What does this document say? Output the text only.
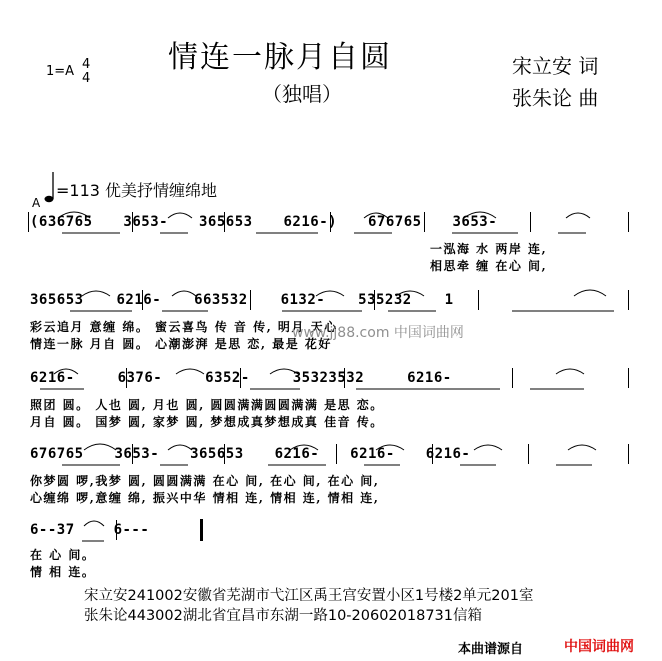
情连一脉月自圆
（独唱）
1=A 4
4
宋立安 词
张朱论 曲
=113 优美抒情缠绵地
A
(636765 3653- 365653 6216-) 676765 3653-
一泓海 水 两岸 连,
相思牵 缠 在心 间,
365653 6216- 663532 6132- 535232 1
彩云追月 意缠 绵。 蜜云喜鸟 传 音 传, 明月 天心
情连一脉 月自 圆。 心潮澎湃 是思 恋, 最是 花好
6216- 6376- 6352- 35323532 6216-
照团 圆。 人也 圆, 月也 圆, 圆圆满满圆圆满满 是思 恋。
月自 圆。 国梦 圆, 家梦 圆, 梦想成真梦想成真 佳音 传。
676765 3653- 365653 6216- 6216- 6216-
你梦圆 啰,我梦 圆, 圆圆满满 在心 间, 在心 间, 在心 间,
心缠绵 啰,意缠 绵, 振兴中华 情相 连, 情相 连, 情相 连,
6--37 6---
在 心 间。
情 相 连。
www.jj88.com 中国词曲网
宋立安241002安徽省芜湖市弋江区禹王宫安置小区1号楼2单元201室
张朱论443002湖北省宜昌市东湖一路10-20602018731信箱
本曲谱源自	中国词曲网
